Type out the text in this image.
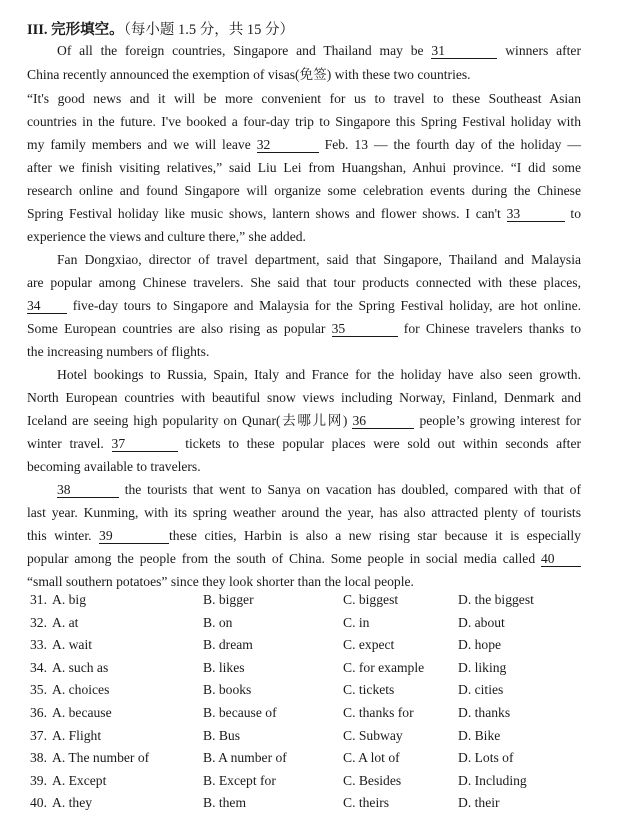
III. 完形填空。（每小题 1.5 分，共 15 分）
Of all the foreign countries, Singapore and Thailand may be 31	winners after
China recently announced the exemption of visas(免签) with these two countries.
“It's good news and it will be more convenient for us to travel to these Southeast Asian
countries in the future. I've booked a four-day trip to Singapore this Spring Festival holiday with
my family members and we will leave 32	Feb. 13 — the fourth day of the holiday —
after we finish visiting relatives,” said Liu Lei from Huangshan, Anhui province. “I did some
research online and found Singapore will organize some celebration events during the Chinese
Spring Festival holiday like music shows, lantern shows and flower shows. I can't 33	to
experience the views and culture there,” she added.
Fan Dongxiao, director of travel department, said that Singapore, Thailand and Malaysia
are popular among Chinese travelers. She said that tour products connected with these places,
34 five-day tours to Singapore and Malaysia for the Spring Festival holiday, are hot online.
Some European countries are also rising as popular 35	for Chinese travelers thanks to
the increasing numbers of flights.
Hotel bookings to Russia, Spain, Italy and France for the holiday have also seen growth.
North European countries with beautiful snow views including Norway, Finland, Denmark and
Iceland are seeing high popularity on Qunar(去哪儿网) 36	people’s growing interest for
winter travel. 37	tickets to these popular places were sold out within seconds after
becoming available to travelers.
38	the tourists that went to Sanya on vacation has doubled, compared with that of
last year. Kunming, with its spring weather around the year, has also attracted plenty of tourists
this winter. 39	these cities, Harbin is also a new rising star because it is especially
popular among the people from the south of China. Some people in social media called 40
“small southern potatoes” since they look shorter than the local people.
31. A. big	B. bigger	C. biggest	D. the biggest
32. A. at	B. on	C. in	D. about
33. A. wait	B. dream	C. expect	D. hope
34. A. such as	B. likes	C. for example D. liking
35. A. choices	B. books	C. tickets	D. cities
36. A. because	B. because of	C. thanks for	D. thanks
37. A. Flight	B. Bus	C. Subway	D. Bike
38. A. The number of	B. A number of	C. A lot of	D. Lots of
39. A. Except	B. Except for	C. Besides	D. Including
40. A. they	B. them	C. theirs	D. their
